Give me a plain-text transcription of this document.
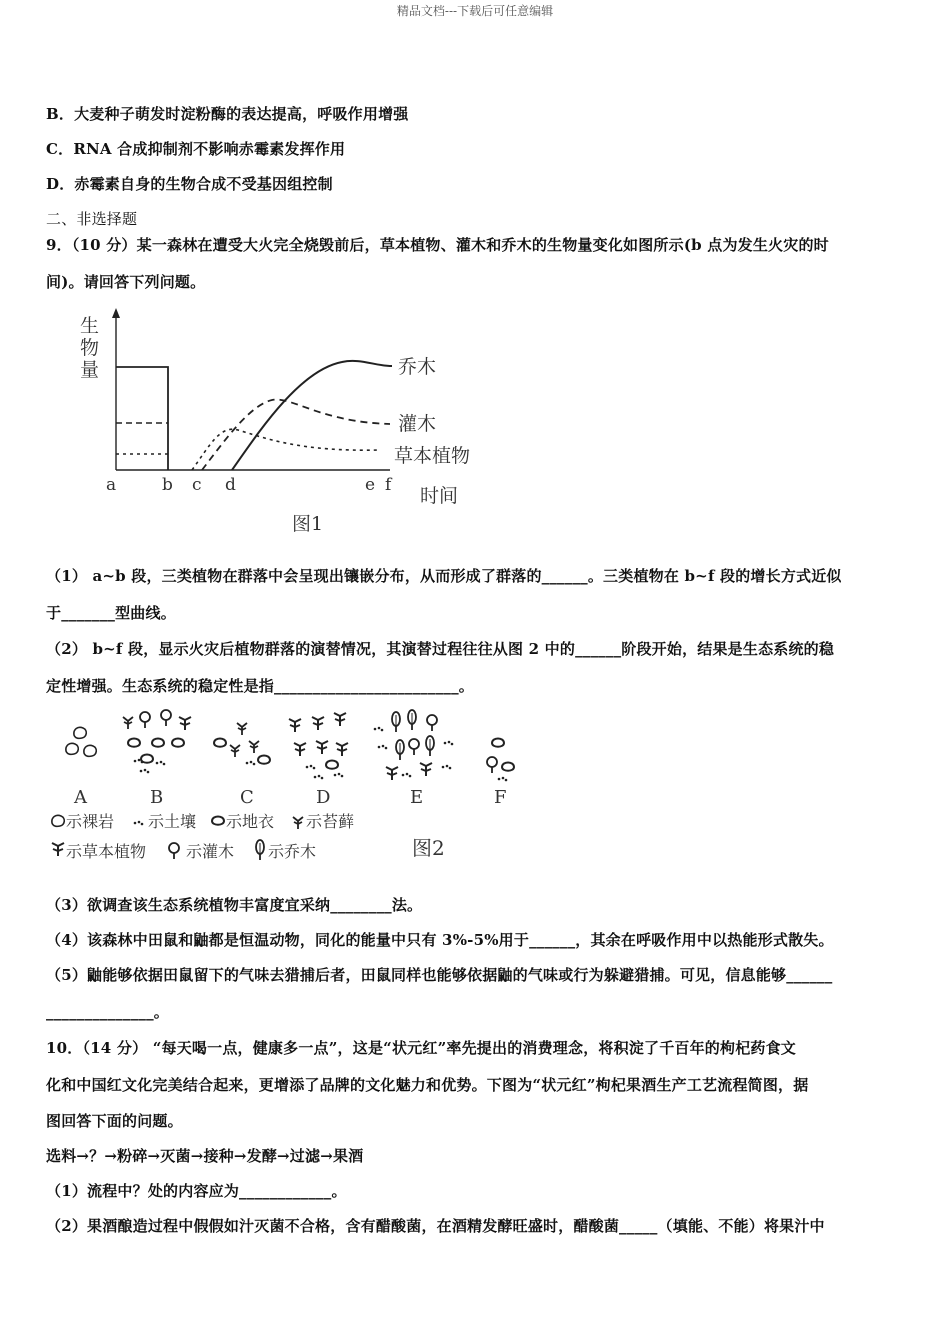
精品文档---下载后可任意编辑
B．大麦种子萌发时淀粉酶的表达提高，呼吸作用增强
C．RNA 合成抑制剂不影响赤霉素发挥作用
D．赤霉素自身的生物合成不受基因组控制
二、非选择题
9．（10 分）某一森林在遭受大火完全烧毁前后，草本植物、灌木和乔木的生物量变化如图所示(b 点为发生火灾的时
间)。请回答下列问题。
生
物
量	乔木
灌木
草本植物
a	b c d	e f 时间
图1
（1） a~b 段，三类植物在群落中会呈现出镶嵌分布，从而形成了群落的______。三类植物在 b~f 段的增长方式近似
于_______型曲线。
（2） b~f 段，显示火灾后植物群落的演替情况，其演替过程往往从图 2 中的______阶段开始，结果是生态系统的稳
定性增强。生态系统的稳定性是指________________________。
A	B	C	D	E	F
示裸岩 示土壤 示地衣 示苔藓
示草本植物 示灌木 示乔木	图2
（3）欲调查该生态系统植物丰富度宜采纳________法。
（4）该森林中田鼠和鼬都是恒温动物，同化的能量中只有 3%-5%用于______，其余在呼吸作用中以热能形式散失。
（5）鼬能够依据田鼠留下的气味去猎捕后者，田鼠同样也能够依据鼬的气味或行为躲避猎捕。可见，信息能够______
______________。
10．（14 分） “每天喝一点，健康多一点”，这是“状元红”率先提出的消费理念，将积淀了千百年的枸杞药食文
化和中国红文化完美结合起来，更增添了品牌的文化魅力和优势。下图为“状元红”枸杞果酒生产工艺流程简图，据
图回答下面的问题。
选料→？→粉碎→灭菌→接种→发酵→过滤→果酒
（1）流程中？处的内容应为____________。
（2）果酒酿造过程中假假如汁灭菌不合格，含有醋酸菌，在酒精发酵旺盛时，醋酸菌_____（填能、不能）将果汁中
